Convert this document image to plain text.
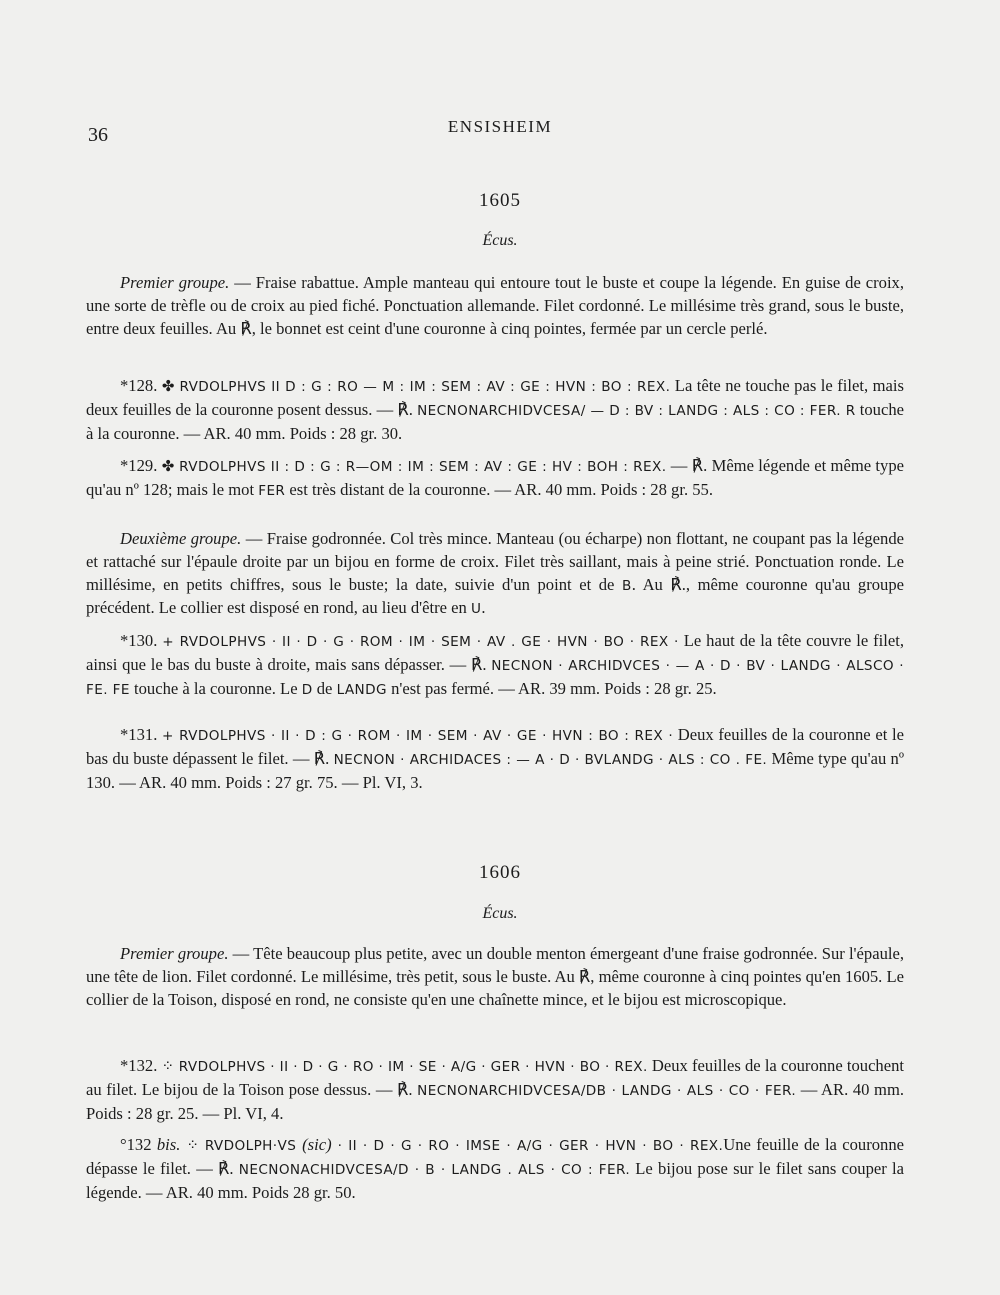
36	ENSISHEIM
1605
Écus.

Premier groupe. — Fraise rabattue. Ample manteau qui entoure tout le buste et coupe la légende. En guise de croix, une sorte de trèfle ou de croix au pied fiché. Ponctuation allemande. Filet cordonné. Le millésime très grand, sous le buste, entre deux feuilles. Au ℟, le bonnet est ceint d'une couronne à cinq pointes, fermée par un cercle perlé.

*128. ✤ RVDOLPHVS II D : G : RO — M : IM : SEM : AV : GE : HVN : BO : REX. La tête ne touche pas le filet, mais deux feuilles de la couronne posent dessus. — ℟. NECNONARCHIDVCESA/ — D : BV : LANDG : ALS : CO : FER. R touche à la couronne. — AR. 40 mm. Poids : 28 gr. 30.

*129. ✤ RVDOLPHVS II : D : G : R—OM : IM : SEM : AV : GE : HV : BOH : REX. — ℟. Même légende et même type qu'au nº 128; mais le mot FER est très distant de la couronne. — AR. 40 mm. Poids : 28 gr. 55.

Deuxième groupe. — Fraise godronnée. Col très mince. Manteau (ou écharpe) non flottant, ne coupant pas la légende et rattaché sur l'épaule droite par un bijou en forme de croix. Filet très saillant, mais à peine strié. Ponctuation ronde. Le millésime, en petits chiffres, sous le buste; la date, suivie d'un point et de B. Au ℟., même couronne qu'au groupe précédent. Le collier est disposé en rond, au lieu d'être en U.

*130. + RVDOLPHVS · II · D · G · ROM · IM · SEM · AV . GE · HVN · BO · REX · Le haut de la tête couvre le filet, ainsi que le bas du buste à droite, mais sans dépasser. — ℟. NECNON · ARCHIDVCES · — A · D · BV · LANDG · ALSCO · FE. FE touche à la couronne. Le D de LANDG n'est pas fermé. — AR. 39 mm. Poids : 28 gr. 25.

*131. + RVDOLPHVS · II · D : G · ROM · IM · SEM · AV · GE · HVN : BO : REX · Deux feuilles de la couronne et le bas du buste dépassent le filet. — ℟. NECNON · ARCHIDACES : — A · D · BVLANDG · ALS : CO . FE. Même type qu'au nº 130. — AR. 40 mm. Poids : 27 gr. 75. — Pl. VI, 3.

1606
Écus.

Premier groupe. — Tête beaucoup plus petite, avec un double menton émergeant d'une fraise godronnée. Sur l'épaule, une tête de lion. Filet cordonné. Le millésime, très petit, sous le buste. Au ℟, même couronne à cinq pointes qu'en 1605. Le collier de la Toison, disposé en rond, ne consiste qu'en une chaînette mince, et le bijou est microscopique.

*132. ⁘ RVDOLPHVS · II · D · G · RO · IM · SE · A/G · GER · HVN · BO · REX. Deux feuilles de la couronne touchent au filet. Le bijou de la Toison pose dessus. — ℟. NECNONARCHIDVCESA/DB · LANDG · ALS · CO · FER. — AR. 40 mm. Poids : 28 gr. 25. — Pl. VI, 4.

°132 bis. ⁘ RVDOLPH·VS (sic) · II · D · G · RO · IMSE · A/G · GER · HVN · BO · REX.Une feuille de la couronne dépasse le filet. — ℟. NECNONACHIDVCESA/D · B · LANDG . ALS · CO : FER. Le bijou pose sur le filet sans couper la légende. — AR. 40 mm. Poids 28 gr. 50.
